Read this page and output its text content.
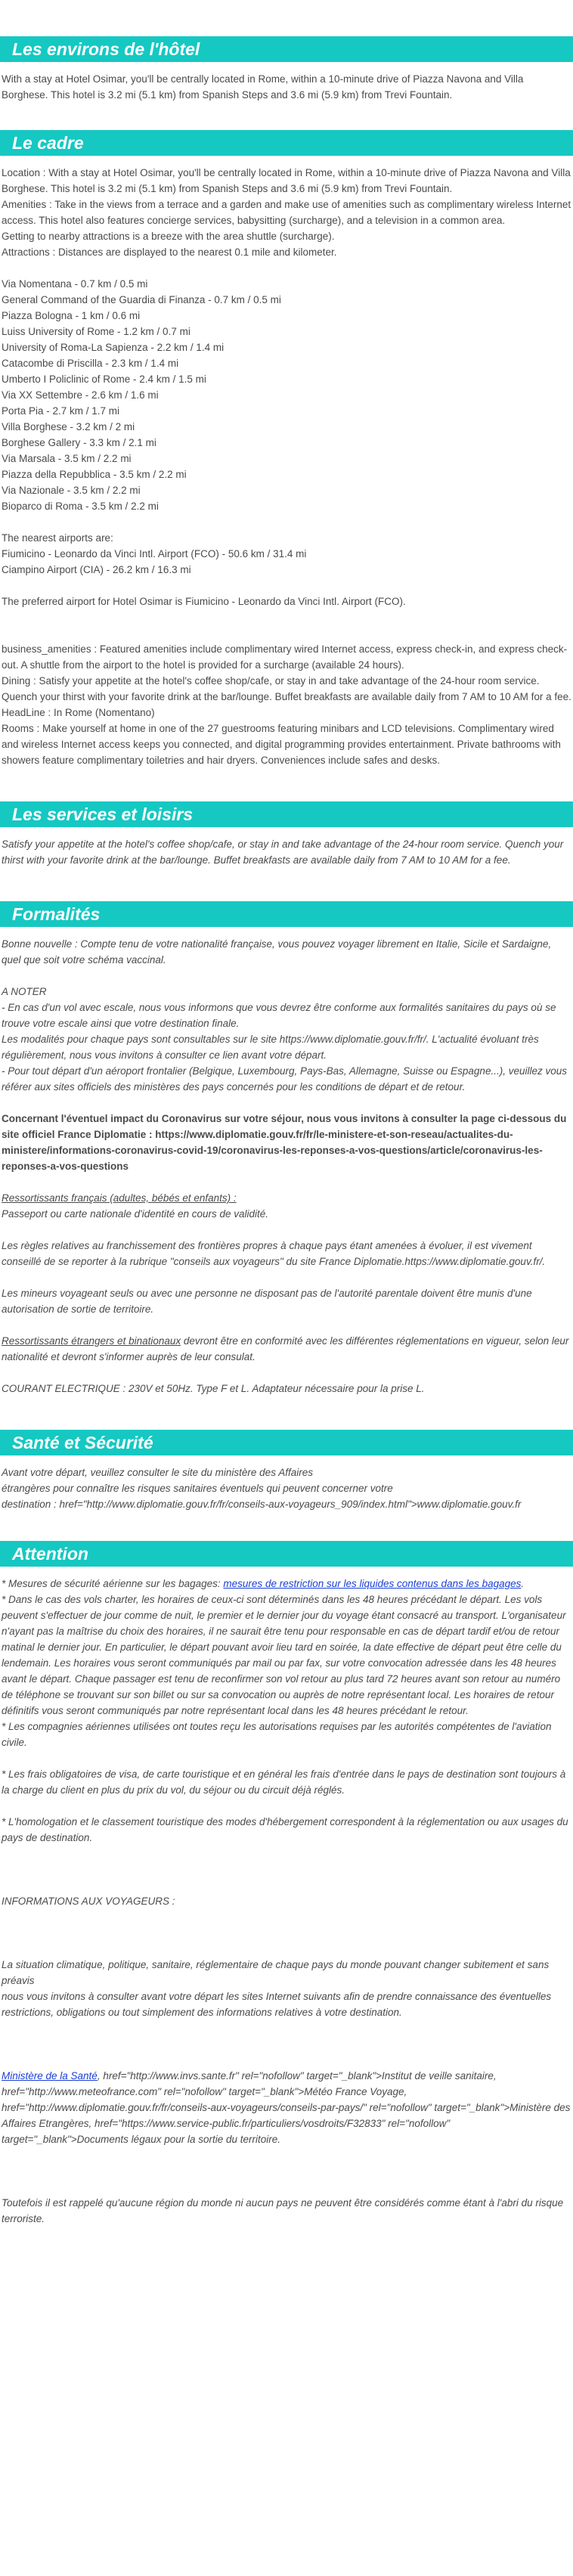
Les environs de l'hôtel

With a stay at Hotel Osimar, you'll be centrally located in Rome, within a 10-minute drive of Piazza Navona and Villa Borghese. This hotel is 3.2 mi (5.1 km) from Spanish Steps and 3.6 mi (5.9 km) from Trevi Fountain.

Le cadre

Location : With a stay at Hotel Osimar, you'll be centrally located in Rome, within a 10-minute drive of Piazza Navona and Villa Borghese. This hotel is 3.2 mi (5.1 km) from Spanish Steps and 3.6 mi (5.9 km) from Trevi Fountain.

Amenities : Take in the views from a terrace and a garden and make use of amenities such as complimentary wireless Internet access. This hotel also features concierge services, babysitting (surcharge), and a television in a common area.

Getting to nearby attractions is a breeze with the area shuttle (surcharge).

Attractions : Distances are displayed to the nearest 0.1 mile and kilometer.

Via Nomentana - 0.7 km / 0.5 mi

General Command of the Guardia di Finanza - 0.7 km / 0.5 mi

Piazza Bologna - 1 km / 0.6 mi

Luiss University of Rome - 1.2 km / 0.7 mi

University of Roma-La Sapienza - 2.2 km / 1.4 mi

Catacombe di Priscilla - 2.3 km / 1.4 mi

Umberto I Policlinic of Rome - 2.4 km / 1.5 mi

Via XX Settembre - 2.6 km / 1.6 mi

Porta Pia - 2.7 km / 1.7 mi

Villa Borghese - 3.2 km / 2 mi

Borghese Gallery - 3.3 km / 2.1 mi

Via Marsala - 3.5 km / 2.2 mi

Piazza della Repubblica - 3.5 km / 2.2 mi

Via Nazionale - 3.5 km / 2.2 mi

Bioparco di Roma - 3.5 km / 2.2 mi

The nearest airports are:

Fiumicino - Leonardo da Vinci Intl. Airport (FCO) - 50.6 km / 31.4 mi

Ciampino Airport (CIA) - 26.2 km / 16.3 mi

The preferred airport for Hotel Osimar is Fiumicino - Leonardo da Vinci Intl. Airport (FCO).

business_amenities : Featured amenities include complimentary wired Internet access, express check-in, and express check-out. A shuttle from the airport to the hotel is provided for a surcharge (available 24 hours).

Dining : Satisfy your appetite at the hotel's coffee shop/cafe, or stay in and take advantage of the 24-hour room service. Quench your thirst with your favorite drink at the bar/lounge. Buffet breakfasts are available daily from 7 AM to 10 AM for a fee.

HeadLine : In Rome (Nomentano)

Rooms : Make yourself at home in one of the 27 guestrooms featuring minibars and LCD televisions. Complimentary wired and wireless Internet access keeps you connected, and digital programming provides entertainment. Private bathrooms with showers feature complimentary toiletries and hair dryers. Conveniences include safes and desks.

Les services et loisirs

Satisfy your appetite at the hotel's coffee shop/cafe, or stay in and take advantage of the 24-hour room service. Quench your thirst with your favorite drink at the bar/lounge. Buffet breakfasts are available daily from 7 AM to 10 AM for a fee.

Formalités

Bonne nouvelle : Compte tenu de votre nationalité française, vous pouvez voyager librement en Italie, Sicile et Sardaigne, quel que soit votre schéma vaccinal.

A NOTER

- En cas d'un vol avec escale, nous vous informons que vous devrez être conforme aux formalités sanitaires du pays où se trouve votre escale ainsi que votre destination finale.

Les modalités pour chaque pays sont consultables sur le site https://www.diplomatie.gouv.fr/fr/. L'actualité évoluant très régulièrement, nous vous invitons à consulter ce lien avant votre départ.

- Pour tout départ d'un aéroport frontalier (Belgique, Luxembourg, Pays-Bas, Allemagne, Suisse ou Espagne...), veuillez vous référer aux sites officiels des ministères des pays concernés pour les conditions de départ et de retour.

Concernant l'éventuel impact du Coronavirus sur votre séjour, nous vous invitons à consulter la page ci-dessous du site officiel France Diplomatie : https://www.diplomatie.gouv.fr/fr/le-ministere-et-son-reseau/actualites-du-ministere/informations-coronavirus-covid-19/coronavirus-les-reponses-a-vos-questions/article/coronavirus-les-reponses-a-vos-questions

Ressortissants français (adultes, bébés et enfants) :

Passeport ou carte nationale d'identité en cours de validité.

Les règles relatives au franchissement des frontières propres à chaque pays étant amenées à évoluer, il est vivement conseillé de se reporter à la rubrique "conseils aux voyageurs" du site France Diplomatie.https://www.diplomatie.gouv.fr/.

Les mineurs voyageant seuls ou avec une personne ne disposant pas de l'autorité parentale doivent être munis d'une autorisation de sortie de territoire.

Ressortissants étrangers et binationaux devront être en conformité avec les différentes réglementations en vigueur, selon leur nationalité et devront s'informer auprès de leur consulat.

COURANT ELECTRIQUE : 230V et 50Hz. Type F et L. Adaptateur nécessaire pour la prise L.

Santé et Sécurité

Avant votre départ, veuillez consulter le site du ministère des Affaires

étrangères pour connaître les risques sanitaires éventuels qui peuvent concerner votre

destination : href="http://www.diplomatie.gouv.fr/fr/conseils-aux-voyageurs_909/index.html">www.diplomatie.gouv.fr

Attention

* Mesures de sécurité aérienne sur les bagages: mesures de restriction sur les liquides contenus dans les bagages.

* Dans le cas des vols charter, les horaires de ceux-ci sont déterminés dans les 48 heures précédant le départ. Les vols peuvent s'effectuer de jour comme de nuit, le premier et le dernier jour du voyage étant consacré au transport. L'organisateur n'ayant pas la maîtrise du choix des horaires, il ne saurait être tenu pour responsable en cas de départ tardif et/ou de retour matinal le dernier jour. En particulier, le départ pouvant avoir lieu tard en soirée, la date effective de départ peut être celle du lendemain. Les horaires vous seront communiqués par mail ou par fax, sur votre convocation adressée dans les 48 heures avant le départ. Chaque passager est tenu de reconfirmer son vol retour au plus tard 72 heures avant son retour au numéro de téléphone se trouvant sur son billet ou sur sa convocation ou auprès de notre représentant local. Les horaires de retour définitifs vous seront communiqués par notre représentant local dans les 48 heures précédant le retour.

* Les compagnies aériennes utilisées ont toutes reçu les autorisations requises par les autorités compétentes de l'aviation civile.

* Les frais obligatoires de visa, de carte touristique et en général les frais d'entrée dans le pays de destination sont toujours à la charge du client en plus du prix du vol, du séjour ou du circuit déjà réglés.

* L'homologation et le classement touristique des modes d'hébergement correspondent à la réglementation ou aux usages du pays de destination.

INFORMATIONS AUX VOYAGEURS :

La situation climatique, politique, sanitaire, réglementaire de chaque pays du monde pouvant changer subitement et sans préavis

nous vous invitons à consulter avant votre départ les sites Internet suivants afin de prendre connaissance des éventuelles restrictions, obligations ou tout simplement des informations relatives à votre destination.

Ministère de la Santé, href="http://www.invs.sante.fr" rel="nofollow" target="_blank">Institut de veille sanitaire, href="http://www.meteofrance.com" rel="nofollow" target="_blank">Météo France Voyage, href="http://www.diplomatie.gouv.fr/fr/conseils-aux-voyageurs/conseils-par-pays/" rel="nofollow" target="_blank">Ministère des Affaires Etrangères, href="https://www.service-public.fr/particuliers/vosdroits/F32833" rel="nofollow" target="_blank">Documents légaux pour la sortie du territoire.

Toutefois il est rappelé qu'aucune région du monde ni aucun pays ne peuvent être considérés comme étant à l'abri du risque terroriste.
